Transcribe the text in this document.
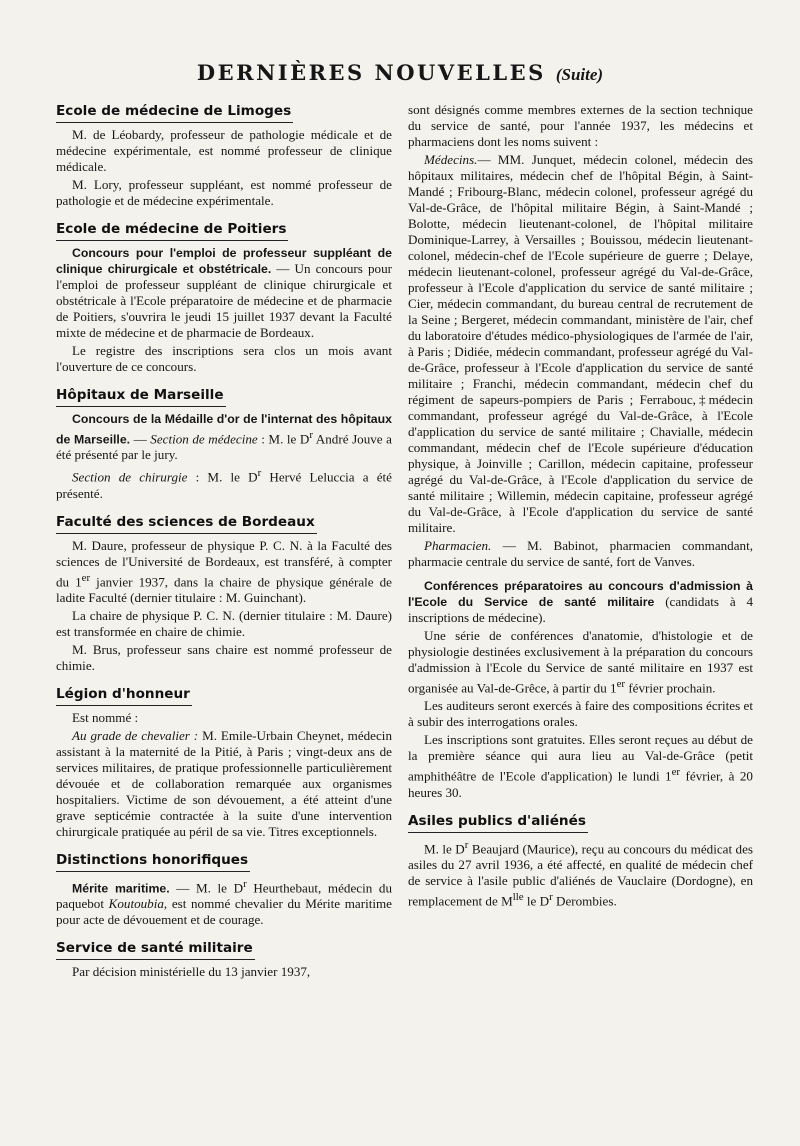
DERNIÈRES NOUVELLES (Suite)
Ecole de médecine de Limoges

M. de Léobardy, professeur de pathologie médicale et de médecine expérimentale, est nommé professeur de clinique médicale.

M. Lory, professeur suppléant, est nommé professeur de pathologie et de médecine expérimentale.

Ecole de médecine de Poitiers

Concours pour l'emploi de professeur suppléant de clinique chirurgicale et obstétricale. — Un concours pour l'emploi de professeur suppléant de clinique chirurgicale et obstétricale à l'Ecole préparatoire de médecine et de pharmacie de Poitiers, s'ouvrira le jeudi 15 juillet 1937 devant la Faculté mixte de médecine et de pharmacie de Bordeaux.

Le registre des inscriptions sera clos un mois avant l'ouverture de ce concours.

Hôpitaux de Marseille

Concours de la Médaille d'or de l'internat des hôpitaux de Marseille. — Section de médecine : M. le $D^r$ André Jouve a été présenté par le jury.

Section de chirurgie : M. le $D^r$ Hervé Leluccia a été présenté.

Faculté des sciences de Bordeaux

M. Daure, professeur de physique P. C. N. à la Faculté des sciences de l'Université de Bordeaux, est transféré, à compter du 1er janvier 1937, dans la chaire de physique générale de ladite Faculté (dernier titulaire : M. Guinchant).

La chaire de physique P. C. N. (dernier titulaire : M. Daure) est transformée en chaire de chimie.

M. Brus, professeur sans chaire est nommé professeur de chimie.

Légion d'honneur

Est nommé :

Au grade de chevalier : M. Emile-Urbain Cheynet, médecin assistant à la maternité de la Pitié, à Paris ; vingt-deux ans de services militaires, de pratique professionnelle particulièrement dévouée et de collaboration remarquée aux organismes hospitaliers. Victime de son dévouement, a été atteint d'une grave septicémie contractée à la suite d'une intervention chirurgicale pratiquée au péril de sa vie. Titres exceptionnels.

Distinctions honorifiques

Mérite maritime. — M. le $D^r$ Heurthebaut, médecin du paquebot Koutoubia, est nommé chevalier du Mérite maritime pour acte de dévouement et de courage.

Service de santé militaire

Par décision ministérielle du 13 janvier 1937,

sont désignés comme membres externes de la section technique du service de santé, pour l'année 1937, les médecins et pharmaciens dont les noms suivent :

Médecins.— MM. Junquet, médecin colonel, médecin des hôpitaux militaires, médecin chef de l'hôpital Bégin, à Saint-Mandé ; Fribourg-Blanc, médecin colonel, professeur agrégé du Val-de-Grâce, de l'hôpital militaire Bégin, à Saint-Mandé ; Bolotte, médecin lieutenant-colonel, de l'hôpital militaire Dominique-Larrey, à Versailles ; Bouissou, médecin lieutenant-colonel, médecin-chef de l'Ecole supérieure de guerre ; Delaye, médecin lieutenant-colonel, professeur agrégé du Val-de-Grâce, professeur à l'Ecole d'application du service de santé militaire ; Cier, médecin commandant, du bureau central de recrutement de la Seine ; Bergeret, médecin commandant, ministère de l'air, chef du laboratoire d'études médico-physiologiques de l'armée de l'air, à Paris ; Didiée, médecin commandant, professeur agrégé du Val-de-Grâce, professeur à l'Ecole d'application du service de santé militaire ; Franchi, médecin commandant, médecin chef du régiment de sapeurs-pompiers de Paris ; Ferrabouc,‡médecin commandant, professeur agrégé du Val-de-Grâce, à l'Ecole d'application du service de santé militaire ; Chavialle, médecin commandant, médecin chef de l'Ecole supérieure d'éducation physique, à Joinville ; Carillon, médecin capitaine, professeur agrégé du Val-de-Grâce, à l'Ecole d'application du service de santé militaire ; Willemin, médecin capitaine, professeur agrégé du Val-de-Grâce, à l'Ecole d'application du service de santé militaire.

Pharmacien. — M. Babinot, pharmacien commandant, pharmacie centrale du service de santé, fort de Vanves.

Conférences préparatoires au concours d'admission à l'Ecole du Service de santé militaire (candidats à 4 inscriptions de médecine).

Une série de conférences d'anatomie, d'histologie et de physiologie destinées exclusivement à la préparation du concours d'admission à l'Ecole du Service de santé militaire en 1937 est organisée au Val-de-Grêce, à partir du 1er février prochain.

Les auditeurs seront exercés à faire des compositions écrites et à subir des interrogations orales.

Les inscriptions sont gratuites. Elles seront reçues au début de la première séance qui aura lieu au Val-de-Grâce (petit amphithéâtre de l'Ecole d'application) le lundi 1er février, à 20 heures 30.

Asiles publics d'aliénés

M. le $D^r$ Beaujard (Maurice), reçu au concours du médicat des asiles du 27 avril 1936, a été affecté, en qualité de médecin chef de service à l'asile public d'aliénés de Vauclaire (Dordogne), en remplacement de $M^{lle}$ le $D^r$ Derombies.
